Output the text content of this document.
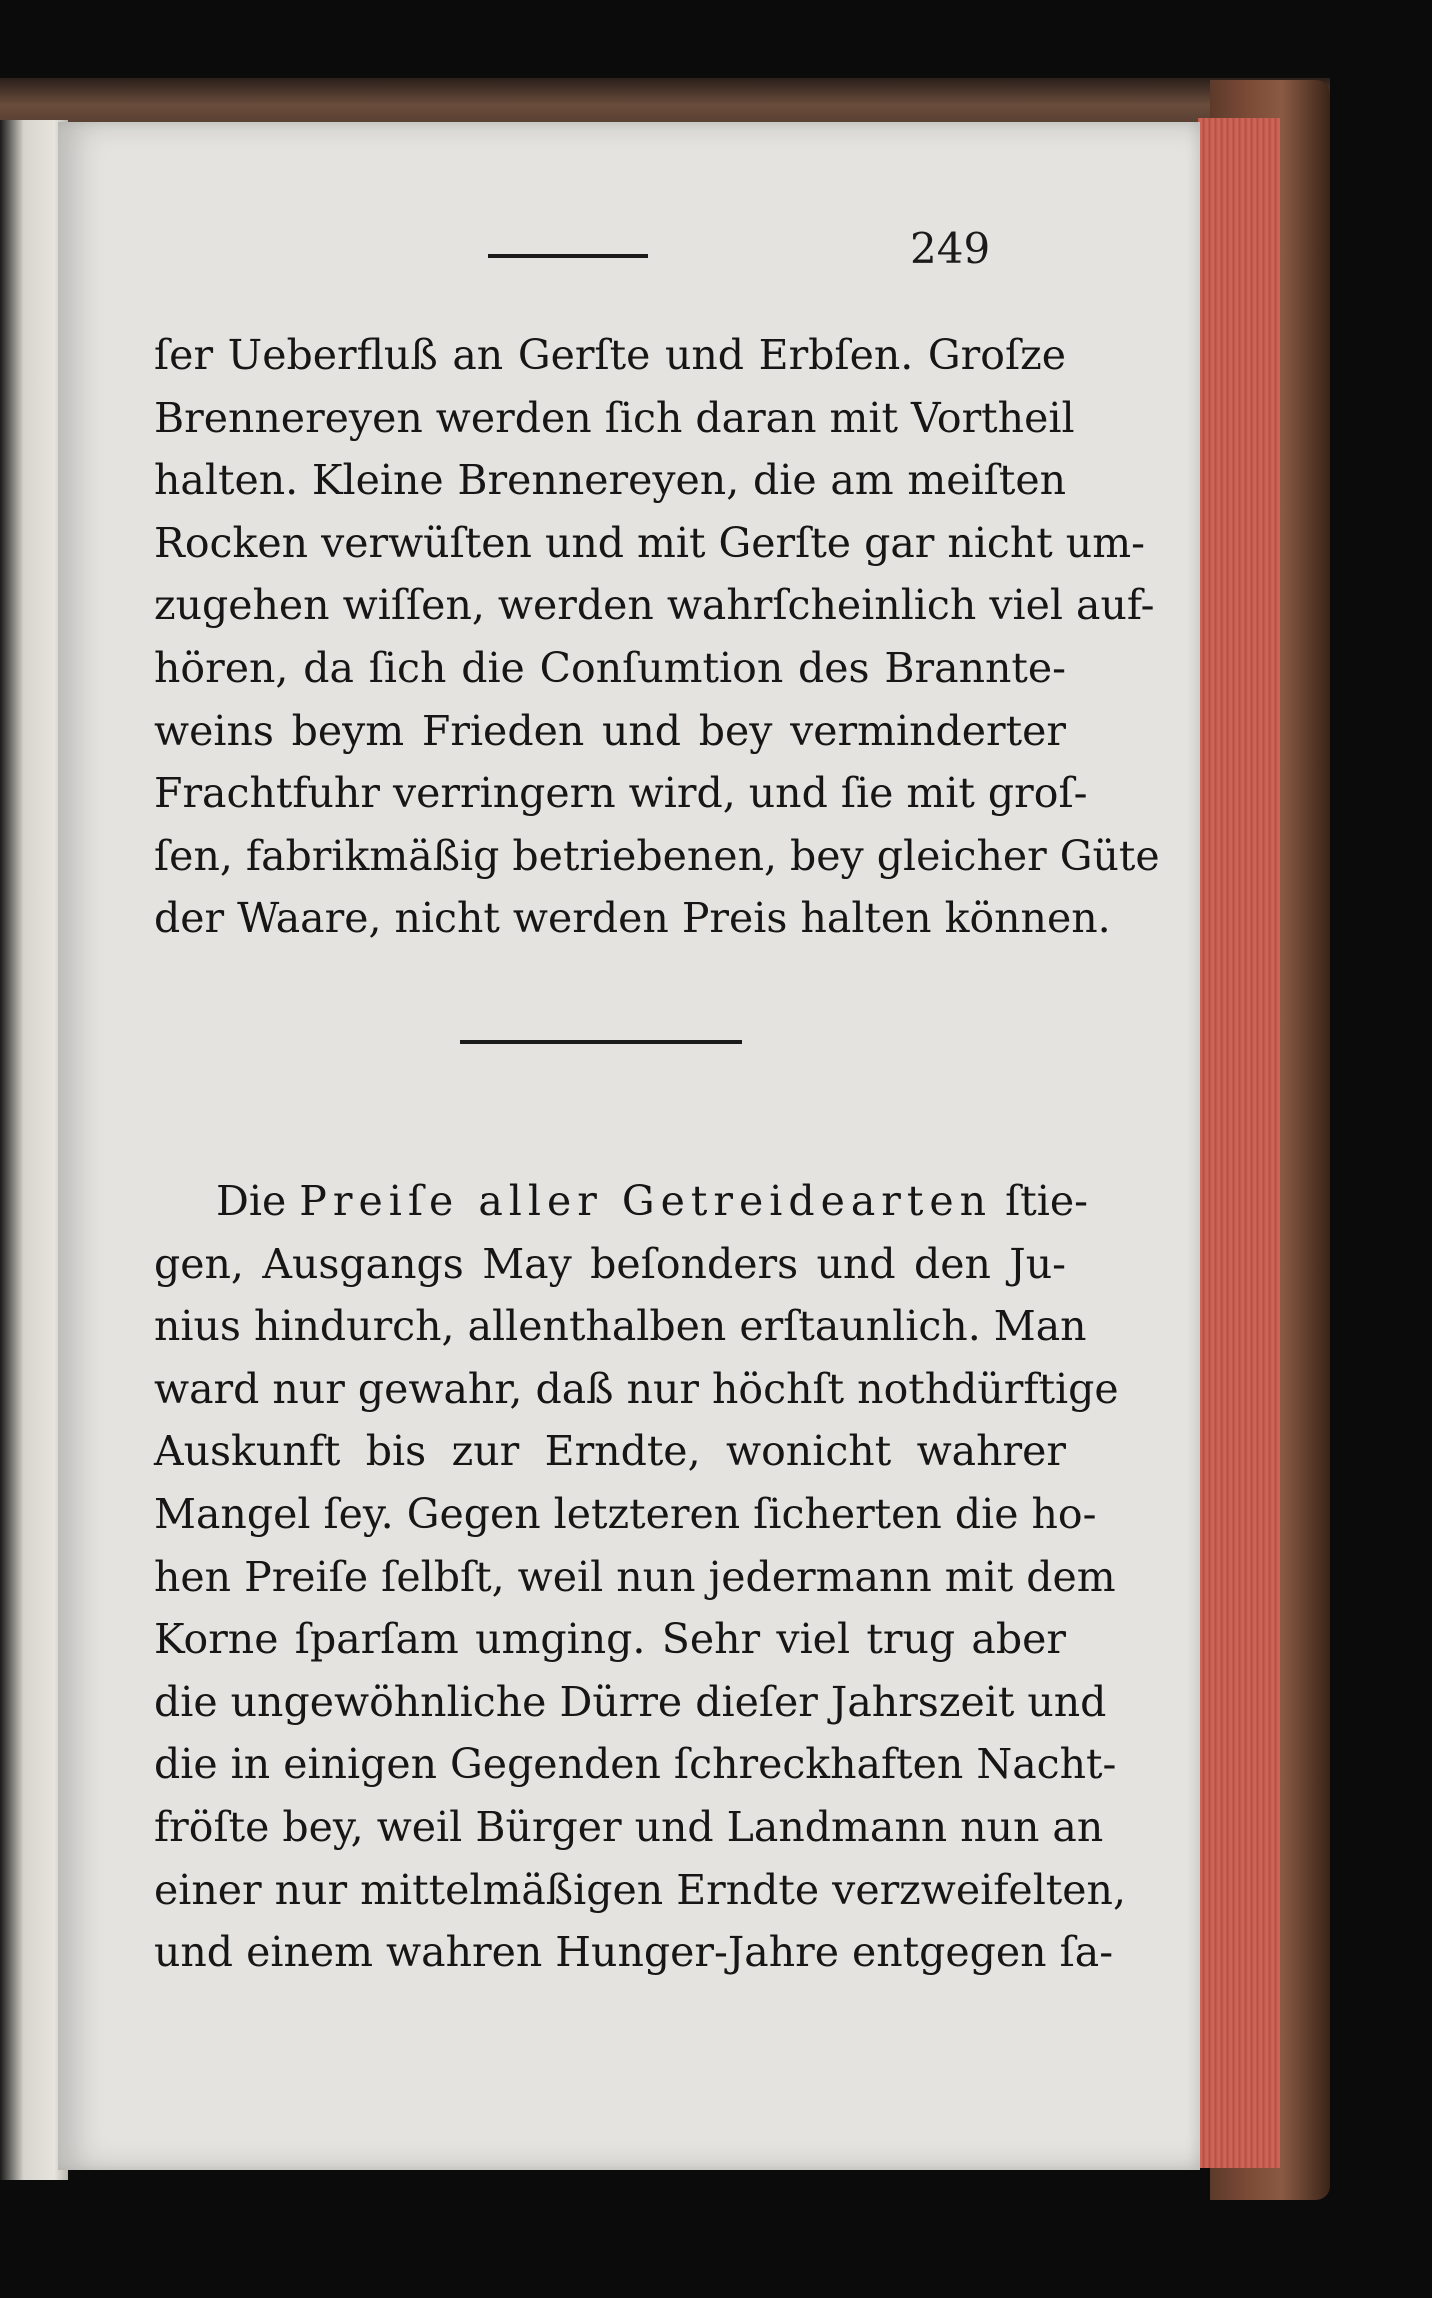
249
ſer Ueberfluß an Gerſte und Erbſen. Groſze
Brennereyen werden ſich daran mit Vortheil
halten. Kleine Brennereyen, die am meiſten
Rocken verwüſten und mit Gerſte gar nicht um-
zugehen wiſſen, werden wahrſcheinlich viel auf-
hören, da ſich die Conſumtion des Brannte-
weins beym Frieden und bey verminderter
Frachtfuhr verringern wird, und ſie mit groſ-
ſen, fabrikmäßig betriebenen, bey gleicher Güte
der Waare, nicht werden Preis halten können.
Die Preiſe aller Getreidearten ſtie-
gen, Ausgangs May beſonders und den Ju-
nius hindurch, allenthalben erſtaunlich. Man
ward nur gewahr, daß nur höchſt nothdürftige
Auskunft bis zur Erndte, wonicht wahrer
Mangel ſey. Gegen letzteren ſicherten die ho-
hen Preiſe ſelbſt, weil nun jedermann mit dem
Korne ſparſam umging. Sehr viel trug aber
die ungewöhnliche Dürre dieſer Jahrszeit und
die in einigen Gegenden ſchreckhaften Nacht-
fröſte bey, weil Bürger und Landmann nun an
einer nur mittelmäßigen Erndte verzweifelten,
und einem wahren Hunger-Jahre entgegen ſa-
